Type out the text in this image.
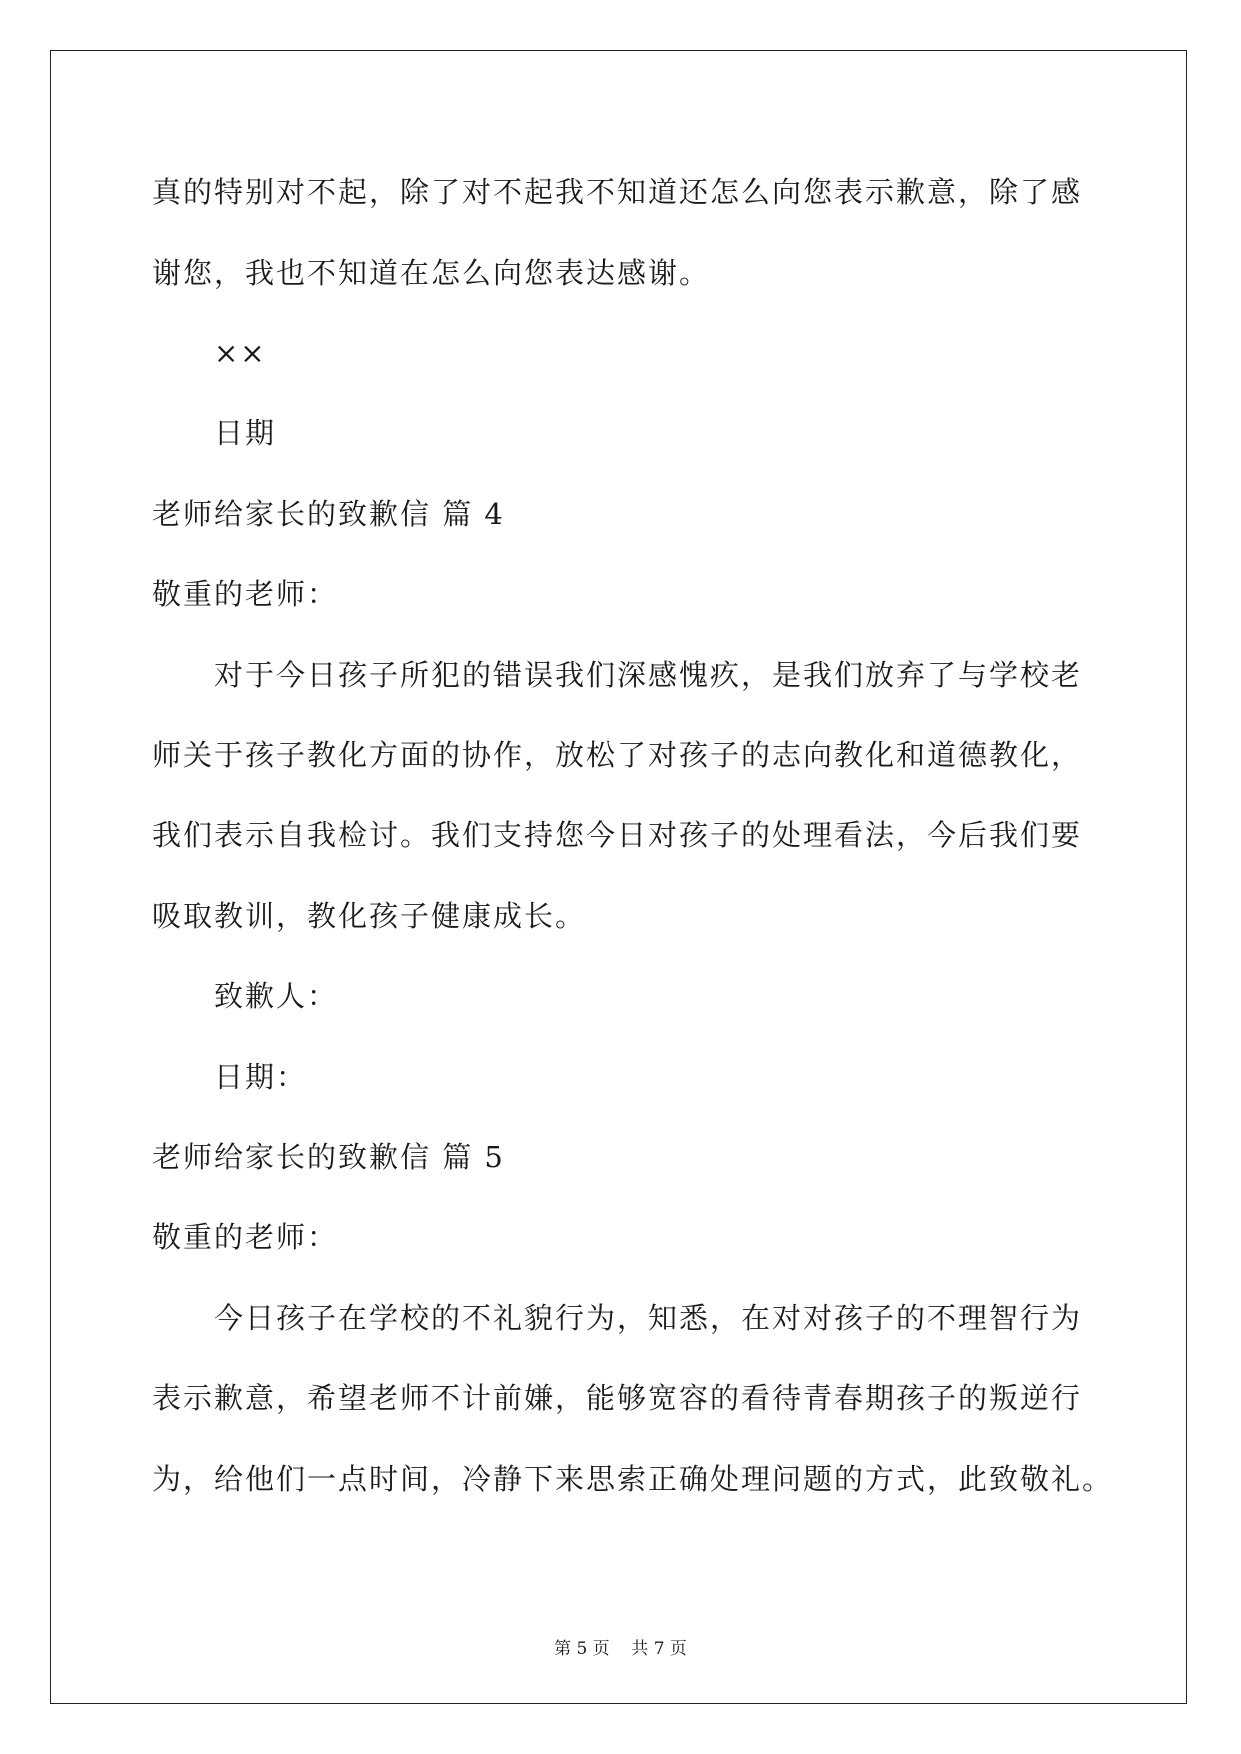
真的特别对不起，除了对不起我不知道还怎么向您表示歉意，除了感
谢您，我也不知道在怎么向您表达感谢。
××
日期
老师给家长的致歉信 篇 4
敬重的老师：
对于今日孩子所犯的错误我们深感愧疚，是我们放弃了与学校老
师关于孩子教化方面的协作，放松了对孩子的志向教化和道德教化，
我们表示自我检讨。我们支持您今日对孩子的处理看法，今后我们要
吸取教训，教化孩子健康成长。
致歉人：
日期：
老师给家长的致歉信 篇 5
敬重的老师：
今日孩子在学校的不礼貌行为，知悉，在对对孩子的不理智行为
表示歉意，希望老师不计前嫌，能够宽容的看待青春期孩子的叛逆行
为，给他们一点时间，冷静下来思索正确处理问题的方式，此致敬礼。
第 5 页    共 7 页
